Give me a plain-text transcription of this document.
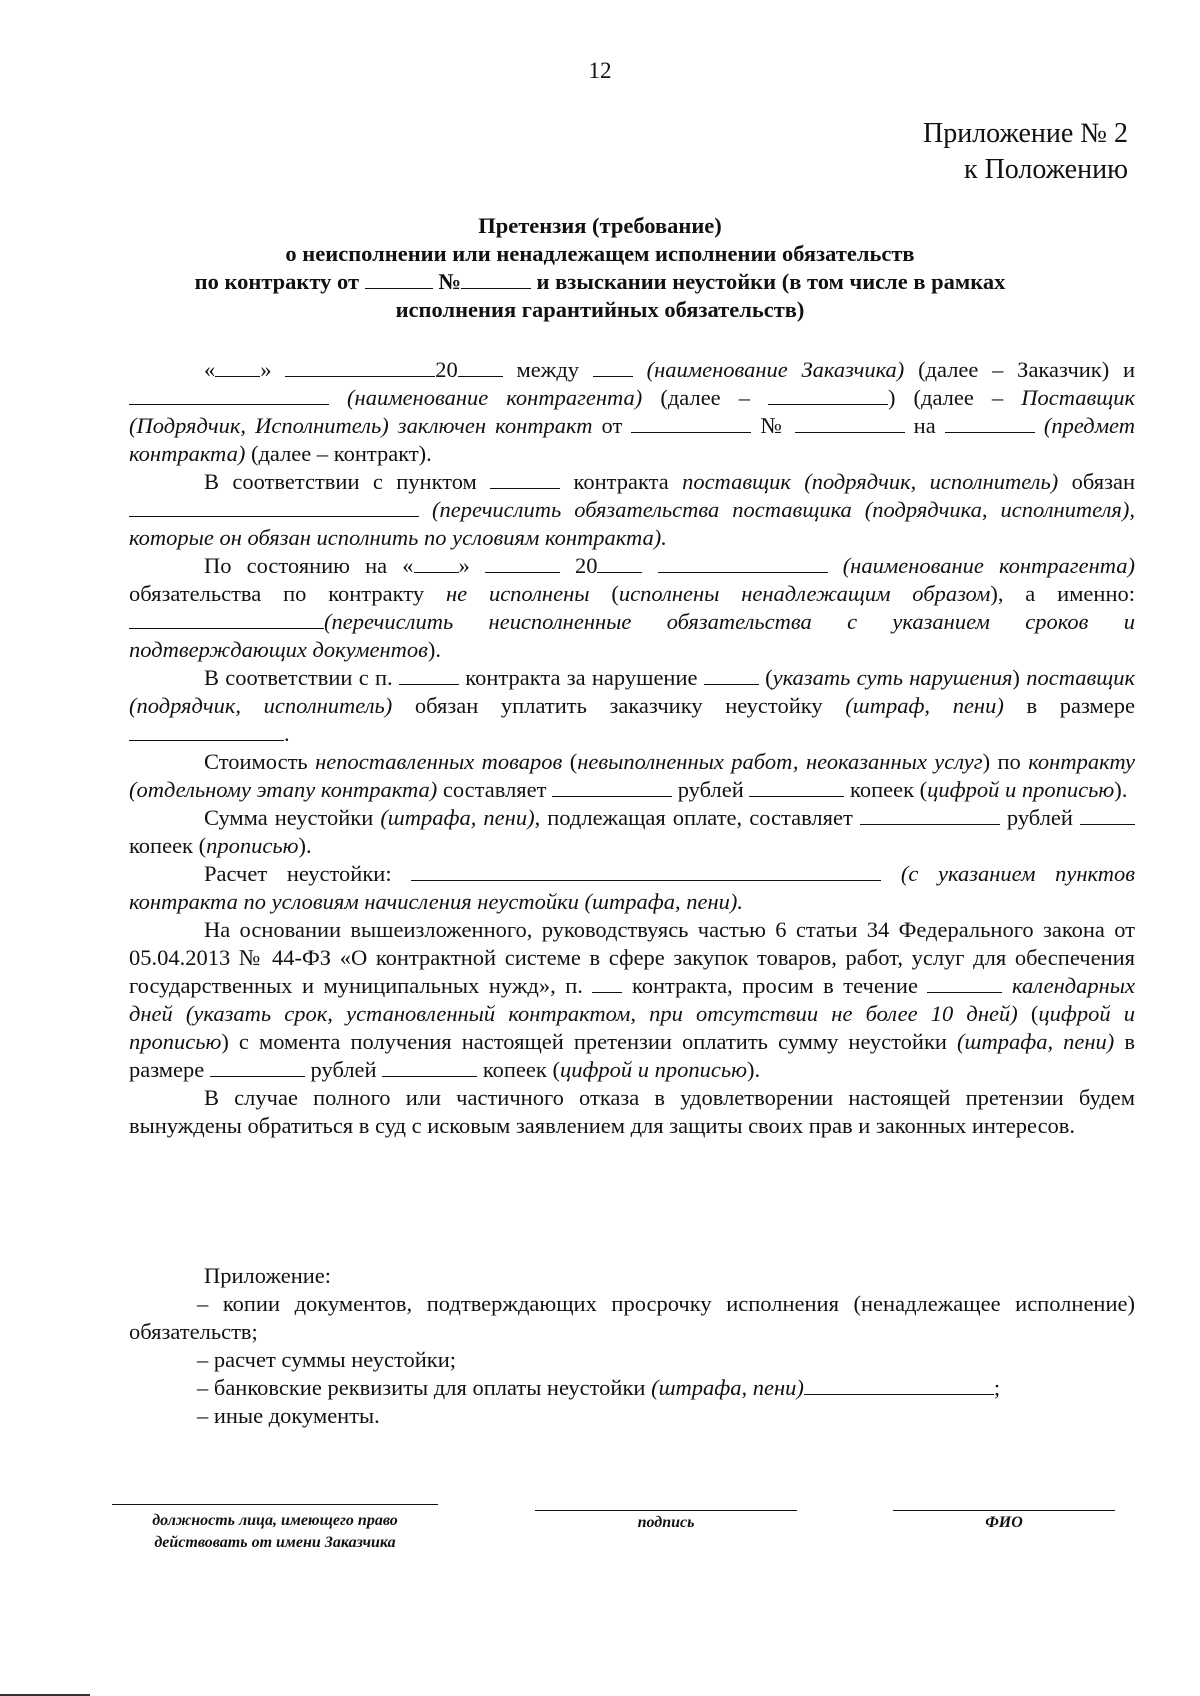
12
Приложение № 2
к Положению
Претензия (требование)
о неисполнении или ненадлежащем исполнении обязательств
по контракту от	№	и взыскании неустойки (в том числе в рамках
исполнения гарантийных обязательств)

« »	20 между  (наименование Заказчика) (далее – Заказчик) и  (наименование контрагента) (далее –	) (далее – Поставщик (Подрядчик, Исполнитель) заключен контракт от	№	на	(предмет контракта) (далее – контракт).

В соответствии с пунктом	контракта поставщик (подрядчик, исполнитель) обязан  (перечислить обязательства поставщика (подрядчика, исполнителя), которые он обязан исполнить по условиям контракта).

По состоянию на « »	20	(наименование контрагента) обязательства по контракту не исполнены (исполнены ненадлежащим образом), а именно: (перечислить неисполненные обязательства с указанием сроков и подтверждающих документов).

В соответствии с п.	контракта за нарушение  (указать суть нарушения) поставщик (подрядчик, исполнитель) обязан уплатить заказчику неустойку (штраф, пени) в размере .

Стоимость непоставленных товаров (невыполненных работ, неоказанных услуг) по контракту (отдельному этапу контракта) составляет	рублей	копеек (цифрой и прописью).

Сумма неустойки (штрафа, пени), подлежащая оплате, составляет	рублей  копеек (прописью).

Расчет неустойки:	(с указанием пунктов контракта по условиям начисления неустойки (штрафа, пени).

На основании вышеизложенного, руководствуясь частью 6 статьи 34 Федерального закона от 05.04.2013 № 44-ФЗ «О контрактной системе в сфере закупок товаров, работ, услуг для обеспечения государственных и муниципальных нужд», п.  контракта, просим в течение	календарных дней (указать срок, установленный контрактом, при отсутствии не более 10 дней) (цифрой и прописью) с момента получения настоящей претензии оплатить сумму неустойки (штрафа, пени) в размере	рублей	копеек (цифрой и прописью).

В случае полного или частичного отказа в удовлетворении настоящей претензии будем вынуждены обратиться в суд с исковым заявлением для защиты своих прав и законных интересов.

Приложение:

– копии документов, подтверждающих просрочку исполнения (ненадлежащее исполнение) обязательств;

– расчет суммы неустойки;

– банковские реквизиты для оплаты неустойки (штрафа, пени)	;

– иные документы.

должность лица, имеющего право действовать от имени Заказчика
подпись	ФИО
